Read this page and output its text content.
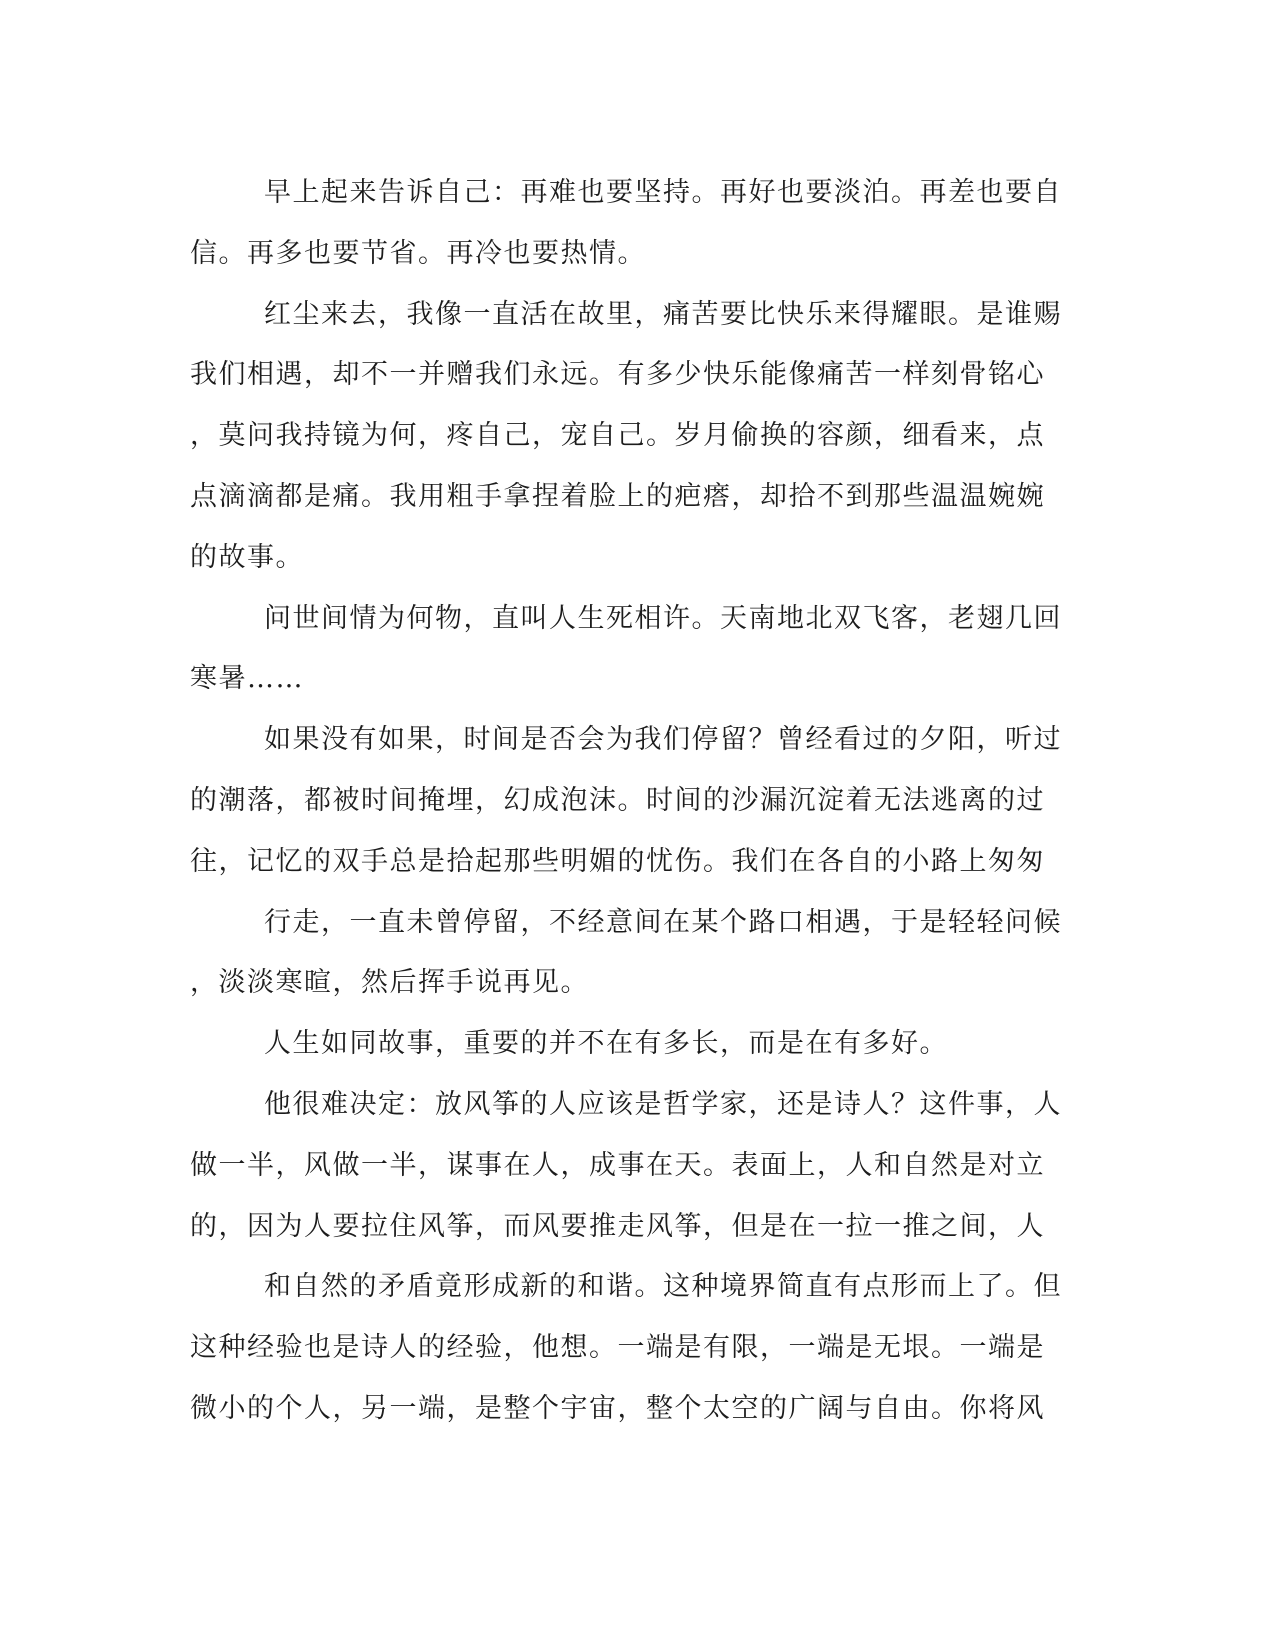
早上起来告诉自己：再难也要坚持。再好也要淡泊。再差也要自
信。再多也要节省。再冷也要热情。
红尘来去，我像一直活在故里，痛苦要比快乐来得耀眼。是谁赐
我们相遇，却不一并赠我们永远。有多少快乐能像痛苦一样刻骨铭心
，莫问我持镜为何，疼自己，宠自己。岁月偷换的容颜，细看来，点
点滴滴都是痛。我用粗手拿捏着脸上的疤瘩，却拾不到那些温温婉婉
的故事。
问世间情为何物，直叫人生死相许。天南地北双飞客，老翅几回
寒暑……
如果没有如果，时间是否会为我们停留？曾经看过的夕阳，听过
的潮落，都被时间掩埋，幻成泡沫。时间的沙漏沉淀着无法逃离的过
往，记忆的双手总是拾起那些明媚的忧伤。我们在各自的小路上匆匆
行走，一直未曾停留，不经意间在某个路口相遇，于是轻轻问候
，淡淡寒暄，然后挥手说再见。
人生如同故事，重要的并不在有多长，而是在有多好。
他很难决定：放风筝的人应该是哲学家，还是诗人？这件事，人
做一半，风做一半，谋事在人，成事在天。表面上，人和自然是对立
的，因为人要拉住风筝，而风要推走风筝，但是在一拉一推之间，人
和自然的矛盾竟形成新的和谐。这种境界简直有点形而上了。但
这种经验也是诗人的经验，他想。一端是有限，一端是无垠。一端是
微小的个人，另一端，是整个宇宙，整个太空的广阔与自由。你将风
